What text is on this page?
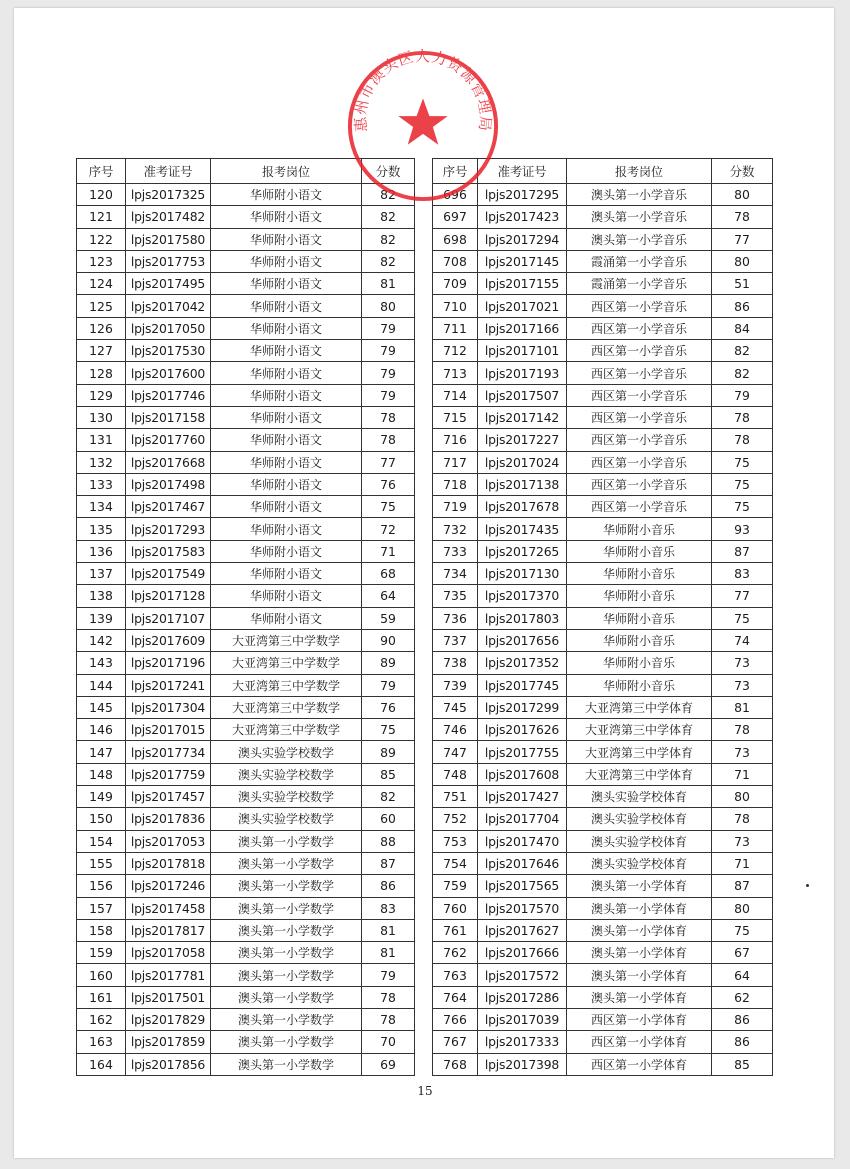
序号	准考证号	报考岗位	分数
120	lpjs2017325	华师附小语文	82
121	lpjs2017482	华师附小语文	82
122	lpjs2017580	华师附小语文	82
123	lpjs2017753	华师附小语文	82
124	lpjs2017495	华师附小语文	81
125	lpjs2017042	华师附小语文	80
126	lpjs2017050	华师附小语文	79
127	lpjs2017530	华师附小语文	79
128	lpjs2017600	华师附小语文	79
129	lpjs2017746	华师附小语文	79
130	lpjs2017158	华师附小语文	78
131	lpjs2017760	华师附小语文	78
132	lpjs2017668	华师附小语文	77
133	lpjs2017498	华师附小语文	76
134	lpjs2017467	华师附小语文	75
135	lpjs2017293	华师附小语文	72
136	lpjs2017583	华师附小语文	71
137	lpjs2017549	华师附小语文	68
138	lpjs2017128	华师附小语文	64
139	lpjs2017107	华师附小语文	59
142	lpjs2017609	大亚湾第三中学数学	90
143	lpjs2017196	大亚湾第三中学数学	89
144	lpjs2017241	大亚湾第三中学数学	79
145	lpjs2017304	大亚湾第三中学数学	76
146	lpjs2017015	大亚湾第三中学数学	75
147	lpjs2017734	澳头实验学校数学	89
148	lpjs2017759	澳头实验学校数学	85
149	lpjs2017457	澳头实验学校数学	82
150	lpjs2017836	澳头实验学校数学	60
154	lpjs2017053	澳头第一小学数学	88
155	lpjs2017818	澳头第一小学数学	87
156	lpjs2017246	澳头第一小学数学	86
157	lpjs2017458	澳头第一小学数学	83
158	lpjs2017817	澳头第一小学数学	81
159	lpjs2017058	澳头第一小学数学	81
160	lpjs2017781	澳头第一小学数学	79
161	lpjs2017501	澳头第一小学数学	78
162	lpjs2017829	澳头第一小学数学	78
163	lpjs2017859	澳头第一小学数学	70
164	lpjs2017856	澳头第一小学数学	69
序号	准考证号	报考岗位	分数
696	lpjs2017295	澳头第一小学音乐	80
697	lpjs2017423	澳头第一小学音乐	78
698	lpjs2017294	澳头第一小学音乐	77
708	lpjs2017145	霞涌第一小学音乐	80
709	lpjs2017155	霞涌第一小学音乐	51
710	lpjs2017021	西区第一小学音乐	86
711	lpjs2017166	西区第一小学音乐	84
712	lpjs2017101	西区第一小学音乐	82
713	lpjs2017193	西区第一小学音乐	82
714	lpjs2017507	西区第一小学音乐	79
715	lpjs2017142	西区第一小学音乐	78
716	lpjs2017227	西区第一小学音乐	78
717	lpjs2017024	西区第一小学音乐	75
718	lpjs2017138	西区第一小学音乐	75
719	lpjs2017678	西区第一小学音乐	75
732	lpjs2017435	华师附小音乐	93
733	lpjs2017265	华师附小音乐	87
734	lpjs2017130	华师附小音乐	83
735	lpjs2017370	华师附小音乐	77
736	lpjs2017803	华师附小音乐	75
737	lpjs2017656	华师附小音乐	74
738	lpjs2017352	华师附小音乐	73
739	lpjs2017745	华师附小音乐	73
745	lpjs2017299	大亚湾第三中学体育	81
746	lpjs2017626	大亚湾第三中学体育	78
747	lpjs2017755	大亚湾第三中学体育	73
748	lpjs2017608	大亚湾第三中学体育	71
751	lpjs2017427	澳头实验学校体育	80
752	lpjs2017704	澳头实验学校体育	78
753	lpjs2017470	澳头实验学校体育	73
754	lpjs2017646	澳头实验学校体育	71
759	lpjs2017565	澳头第一小学体育	87
760	lpjs2017570	澳头第一小学体育	80
761	lpjs2017627	澳头第一小学体育	75
762	lpjs2017666	澳头第一小学体育	67
763	lpjs2017572	澳头第一小学体育	64
764	lpjs2017286	澳头第一小学体育	62
766	lpjs2017039	西区第一小学体育	86
767	lpjs2017333	西区第一小学体育	86
768	lpjs2017398	西区第一小学体育	85
15
惠州市澳头区人力资源管理局
